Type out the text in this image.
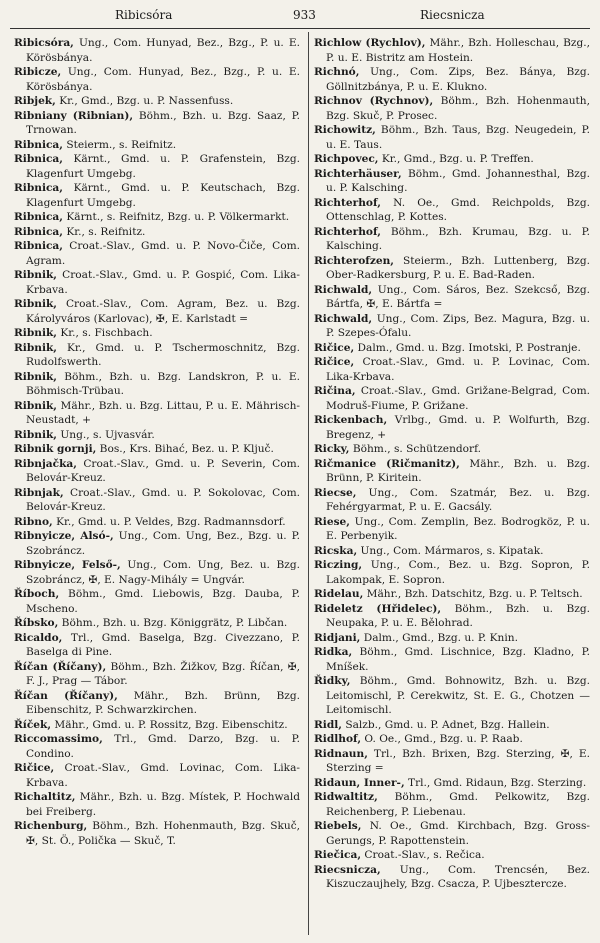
Ribicsóra	933	Riecsnicza

Ribicsóra, Ung., Com. Hunyad, Bez., Bzg., P. u. E. Körösbánya.

Ribicze, Ung., Com. Hunyad, Bez., Bzg., P. u. E. Körösbánya.

Ribjek, Kr., Gmd., Bzg. u. P. Nassenfuss.

Ribniany (Ribnian), Böhm., Bzh. u. Bzg. Saaz, P. Trnowan.

Ribnica, Steierm., s. Reifnitz.

Ribnica, Kärnt., Gmd. u. P. Grafenstein, Bzg. Klagenfurt Umgebg.

Ribnica, Kärnt., Gmd. u. P. Keutschach, Bzg. Klagenfurt Umgebg.

Ribnica, Kärnt., s. Reifnitz, Bzg. u. P. Völkermarkt.

Ribnica, Kr., s. Reifnitz.

Ribnica, Croat.-Slav., Gmd. u. P. Novo-Čiče, Com. Agram.

Ribnik, Croat.-Slav., Gmd. u. P. Gospić, Com. Lika-Krbava.

Ribnik, Croat.-Slav., Com. Agram, Bez. u. Bzg. Károlyváros (Karlovac), ✠, E. Karlstadt =

Ribnik, Kr., s. Fischbach.

Ribnik, Kr., Gmd. u. P. Tschermoschnitz, Bzg. Rudolfswerth.

Ribnik, Böhm., Bzh. u. Bzg. Landskron, P. u. E. Böhmisch-Trübau.

Ribnik, Mähr., Bzh. u. Bzg. Littau, P. u. E. Mährisch-Neustadt, +

Ribnik, Ung., s. Ujvasvár.

Ribnik gornji, Bos., Krs. Bihać, Bez. u. P. Ključ.

Ribnjačka, Croat.-Slav., Gmd. u. P. Severin, Com. Belovár-Kreuz.

Ribnjak, Croat.-Slav., Gmd. u. P. Sokolovac, Com. Belovár-Kreuz.

Ribno, Kr., Gmd. u. P. Veldes, Bzg. Radmannsdorf.

Ribnyicze, Alsó-, Ung., Com. Ung, Bez., Bzg. u. P. Szobráncz.

Ribnyicze, Felső-, Ung., Com. Ung, Bez. u. Bzg. Szobráncz, ✠, E. Nagy-Mihály = Ungvár.

Říboch, Böhm., Gmd. Liebowis, Bzg. Dauba, P. Mscheno.

Říbsko, Böhm., Bzh. u. Bzg. Königgrätz, P. Libčan.

Ricaldo, Trl., Gmd. Baselga, Bzg. Civezzano, P. Baselga di Pine.

Říčan (Říčany), Böhm., Bzh. Žižkov, Bzg. Říčan, ✠, F. J., Prag — Tábor.

Říčan (Říčany), Mähr., Bzh. Brünn, Bzg. Eibenschitz, P. Schwarzkirchen.

Říček, Mähr., Gmd. u. P. Rossitz, Bzg. Eibenschitz.

Riccomassimo, Trl., Gmd. Darzo, Bzg. u. P. Condino.

Ričice, Croat.-Slav., Gmd. Lovinac, Com. Lika-Krbava.

Richaltitz, Mähr., Bzh. u. Bzg. Místek, P. Hochwald bei Freiberg.

Richenburg, Böhm., Bzh. Hohenmauth, Bzg. Skuč, ✠, St. Ö., Polička — Skuč, T.

Richlow (Rychlov), Mähr., Bzh. Holleschau, Bzg., P. u. E. Bistritz am Hostein.

Richnó, Ung., Com. Zips, Bez. Bánya, Bzg. Göllnitzbánya, P. u. E. Klukno.

Richnov (Rychnov), Böhm., Bzh. Hohenmauth, Bzg. Skuč, P. Prosec.

Richowitz, Böhm., Bzh. Taus, Bzg. Neugedein, P. u. E. Taus.

Richpovec, Kr., Gmd., Bzg. u. P. Treffen.

Richterhäuser, Böhm., Gmd. Johannesthal, Bzg. u. P. Kalsching.

Richterhof, N. Oe., Gmd. Reichpolds, Bzg. Ottenschlag, P. Kottes.

Richterhof, Böhm., Bzh. Krumau, Bzg. u. P. Kalsching.

Richterofzen, Steierm., Bzh. Luttenberg, Bzg. Ober-Radkersburg, P. u. E. Bad-Raden.

Richwald, Ung., Com. Sáros, Bez. Szekcső, Bzg. Bártfa, ✠, E. Bártfa =

Richwald, Ung., Com. Zips, Bez. Magura, Bzg. u. P. Szepes-Ófalu.

Ričice, Dalm., Gmd. u. Bzg. Imotski, P. Postranje.

Ričice, Croat.-Slav., Gmd. u. P. Lovinac, Com. Lika-Krbava.

Ričina, Croat.-Slav., Gmd. Grižane-Belgrad, Com. Modruš-Fiume, P. Grižane.

Rickenbach, Vrlbg., Gmd. u. P. Wolfurth, Bzg. Bregenz, +

Ricky, Böhm., s. Schützendorf.

Ričmanice (Ričmanitz), Mähr., Bzh. u. Bzg. Brünn, P. Kiritein.

Riecse, Ung., Com. Szatmár, Bez. u. Bzg. Fehérgyarmat, P. u. E. Gacsály.

Riese, Ung., Com. Zemplin, Bez. Bodrogköz, P. u. E. Perbenyik.

Ricska, Ung., Com. Mármaros, s. Kipatak.

Riczing, Ung., Com., Bez. u. Bzg. Sopron, P. Lakompak, E. Sopron.

Ridelau, Mähr., Bzh. Datschitz, Bzg. u. P. Teltsch.

Rideletz (Hřidelec), Böhm., Bzh. u. Bzg. Neupaka, P. u. E. Bělohrad.

Ridjani, Dalm., Gmd., Bzg. u. P. Knin.

Ridka, Böhm., Gmd. Lischnice, Bzg. Kladno, P. Mníšek.

Řidky, Böhm., Gmd. Bohnowitz, Bzh. u. Bzg. Leitomischl, P. Cerekwitz, St. E. G., Chotzen — Leitomischl.

Ridl, Salzb., Gmd. u. P. Adnet, Bzg. Hallein.

Ridlhof, O. Oe., Gmd., Bzg. u. P. Raab.

Ridnaun, Trl., Bzh. Brixen, Bzg. Sterzing, ✠, E. Sterzing =

Ridaun, Inner-, Trl., Gmd. Ridaun, Bzg. Sterzing.

Ridwaltitz, Böhm., Gmd. Pelkowitz, Bzg. Reichenberg, P. Liebenau.

Riebels, N. Oe., Gmd. Kirchbach, Bzg. Gross-Gerungs, P. Rapottenstein.

Riečica, Croat.-Slav., s. Rečica.

Riecsnicza, Ung., Com. Trencsén, Bez. Kiszuczaujhely, Bzg. Csacza, P. Ujbesztercze.
